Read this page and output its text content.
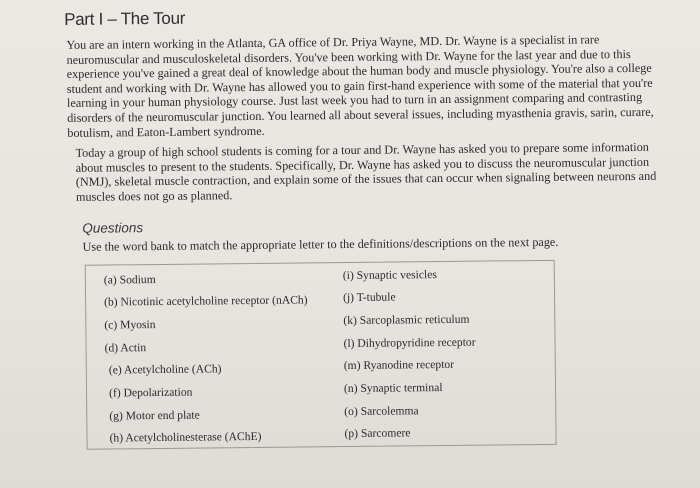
Part I – The Tour

You are an intern working in the Atlanta, GA office of Dr. Priya Wayne, MD. Dr. Wayne is a specialist in rare neuromuscular and musculoskeletal disorders. You've been working with Dr. Wayne for the last year and due to this experience you've gained a great deal of knowledge about the human body and muscle physiology. You're also a college student and working with Dr. Wayne has allowed you to gain first-hand experience with some of the material that you're learning in your human physiology course. Just last week you had to turn in an assignment comparing and contrasting disorders of the neuromuscular junction. You learned all about several issues, including myasthenia gravis, sarin, curare, botulism, and Eaton-Lambert syndrome.

Today a group of high school students is coming for a tour and Dr. Wayne has asked you to prepare some information about muscles to present to the students. Specifically, Dr. Wayne has asked you to discuss the neuromuscular junction (NMJ), skeletal muscle contraction, and explain some of the issues that can occur when signaling between neurons and muscles does not go as planned.

Questions
Use the word bank to match the appropriate letter to the definitions/descriptions on the next page.
(a) Sodium
(b) Nicotinic acetylcholine receptor (nACh)
(c) Myosin
(d) Actin
(e) Acetylcholine (ACh)
(f) Depolarization
(g) Motor end plate
(h) Acetylcholinesterase (AChE)
(i) Synaptic vesicles
(j) T-tubule
(k) Sarcoplasmic reticulum
(l) Dihydropyridine receptor
(m) Ryanodine receptor
(n) Synaptic terminal
(o) Sarcolemma
(p) Sarcomere
